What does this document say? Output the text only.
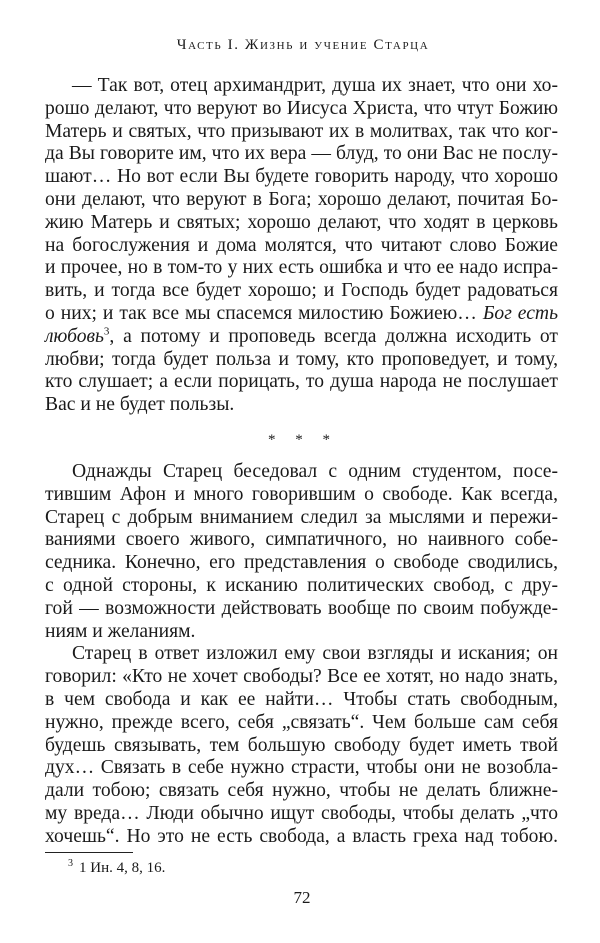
Часть I. Жизнь и учение Старца
— Так вот, отец архимандрит, душа их знает, что они хо-
рошо делают, что веруют во Иисуса Христа, что чтут Божию
Матерь и святых, что призывают их в молитвах, так что ког-
да Вы говорите им, что их вера — блуд, то они Вас не послу-
шают… Но вот если Вы будете говорить народу, что хорошо
они делают, что веруют в Бога; хорошо делают, почитая Бо-
жию Матерь и святых; хорошо делают, что ходят в церковь
на богослужения и дома молятся, что читают слово Божие
и прочее, но в том-то у них есть ошибка и что ее надо испра-
вить, и тогда все будет хорошо; и Господь будет радоваться
о них; и так все мы спасемся милостию Божиею… Бог есть
любовь$^3$, а потому и проповедь всегда должна исходить от
любви; тогда будет польза и тому, кто проповедует, и тому,
кто слушает; а если порицать, то душа народа не послушает
Вас и не будет пользы.
* * *
Однажды Старец беседовал с одним студентом, посе-
тившим Афон и много говорившим о свободе. Как всегда,
Старец с добрым вниманием следил за мыслями и пережи-
ваниями своего живого, симпатичного, но наивного собе-
седника. Конечно, его представления о свободе сводились,
с одной стороны, к исканию политических свобод, с дру-
гой — возможности действовать вообще по своим побужде-
ниям и желаниям.
Старец в ответ изложил ему свои взгляды и искания; он
говорил: «Кто не хочет свободы? Все ее хотят, но надо знать,
в чем свобода и как ее найти… Чтобы стать свободным,
нужно, прежде всего, себя „связать“. Чем больше сам себя
будешь связывать, тем большую свободу будет иметь твой
дух… Связать в себе нужно страсти, чтобы они не возобла-
дали тобою; связать себя нужно, чтобы не делать ближне-
му вреда… Люди обычно ищут свободы, чтобы делать „что
хочешь“. Но это не есть свобода, а власть греха над тобою.
$^3$ 1 Ин. 4, 8, 16.
72
